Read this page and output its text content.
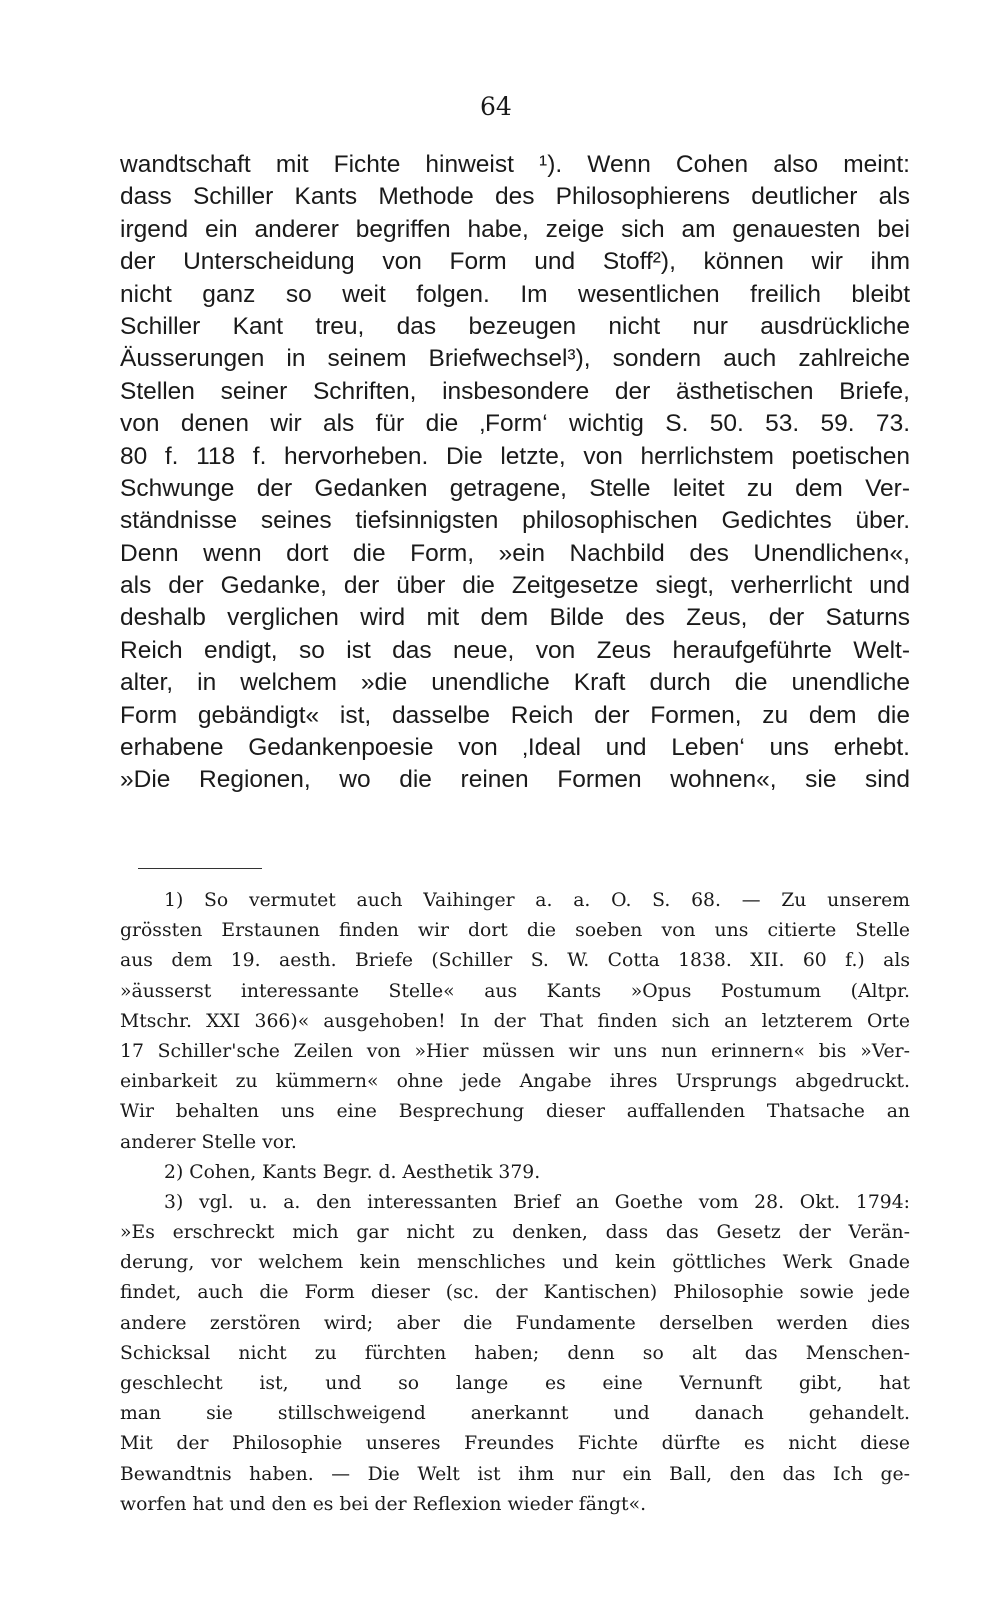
64
wandtschaft mit Fichte hinweist ¹). Wenn Cohen also meint:
dass Schiller Kants Methode des Philosophierens deutlicher als
irgend ein anderer begriffen habe, zeige sich am genauesten bei
der Unterscheidung von Form und Stoff²), können wir ihm
nicht ganz so weit folgen. Im wesentlichen freilich bleibt
Schiller Kant treu, das bezeugen nicht nur ausdrückliche
Äusserungen in seinem Briefwechsel³), sondern auch zahlreiche
Stellen seiner Schriften, insbesondere der ästhetischen Briefe,
von denen wir als für die ‚Form‘ wichtig S. 50. 53. 59. 73.
80 f. 118 f. hervorheben. Die letzte, von herrlichstem poetischen
Schwunge der Gedanken getragene, Stelle leitet zu dem Ver-
ständnisse seines tiefsinnigsten philosophischen Gedichtes über.
Denn wenn dort die Form, »ein Nachbild des Unendlichen«,
als der Gedanke, der über die Zeitgesetze siegt, verherrlicht und
deshalb verglichen wird mit dem Bilde des Zeus, der Saturns
Reich endigt, so ist das neue, von Zeus heraufgeführte Welt-
alter, in welchem »die unendliche Kraft durch die unendliche
Form gebändigt« ist, dasselbe Reich der Formen, zu dem die
erhabene Gedankenpoesie von ‚Ideal und Leben‘ uns erhebt.
»Die Regionen, wo die reinen Formen wohnen«, sie sind
1) So vermutet auch Vaihinger a. a. O. S. 68. — Zu unserem
grössten Erstaunen finden wir dort die soeben von uns citierte Stelle
aus dem 19. aesth. Briefe (Schiller S. W. Cotta 1838. XII. 60 f.) als
»äusserst interessante Stelle« aus Kants »Opus Postumum (Altpr.
Mtschr. XXI 366)« ausgehoben! In der That finden sich an letzterem Orte
17 Schiller'sche Zeilen von »Hier müssen wir uns nun erinnern« bis »Ver-
einbarkeit zu kümmern« ohne jede Angabe ihres Ursprungs abgedruckt.
Wir behalten uns eine Besprechung dieser auffallenden Thatsache an
anderer Stelle vor.
2) Cohen, Kants Begr. d. Aesthetik 379.
3) vgl. u. a. den interessanten Brief an Goethe vom 28. Okt. 1794:
»Es erschreckt mich gar nicht zu denken, dass das Gesetz der Verän-
derung, vor welchem kein menschliches und kein göttliches Werk Gnade
findet, auch die Form dieser (sc. der Kantischen) Philosophie sowie jede
andere zerstören wird; aber die Fundamente derselben werden dies
Schicksal nicht zu fürchten haben; denn so alt das Menschen-
geschlecht ist, und so lange es eine Vernunft gibt, hat
man sie stillschweigend anerkannt und danach gehandelt.
Mit der Philosophie unseres Freundes Fichte dürfte es nicht diese
Bewandtnis haben. — Die Welt ist ihm nur ein Ball, den das Ich ge-
worfen hat und den es bei der Reflexion wieder fängt«.
